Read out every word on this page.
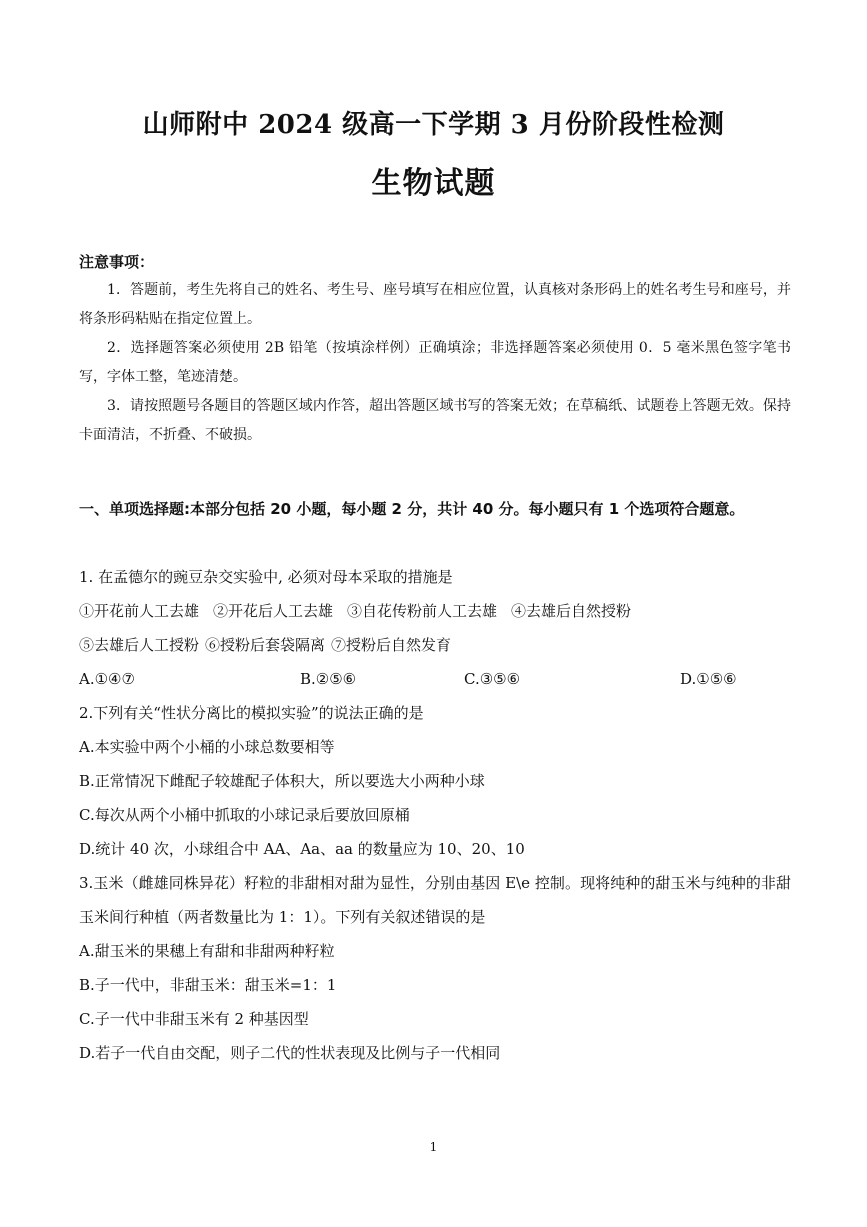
山师附中 2024 级高一下学期 3 月份阶段性检测
生物试题
注意事项：

1．答题前，考生先将自己的姓名、考生号、座号填写在相应位置，认真核对条形码上的姓名考生号和座号，并将条形码粘贴在指定位置上。

2．选择题答案必须使用 2B 铅笔（按填涂样例）正确填涂；非选择题答案必须使用 0．5 毫米黑色签字笔书写，字体工整，笔迹清楚。

3．请按照题号各题目的答题区域内作答，超出答题区域书写的答案无效；在草稿纸、试题卷上答题无效。保持卡面清洁，不折叠、不破损。

一、单项选择题:本部分包括 20 小题，每小题 2 分，共计 40 分。每小题只有 1 个选项符合题意。
1. 在孟德尔的豌豆杂交实验中, 必须对母本采取的措施是
①开花前人工去雄 ②开花后人工去雄 ③自花传粉前人工去雄 ④去雄后自然授粉
⑤去雄后人工授粉 ⑥授粉后套袋隔离 ⑦授粉后自然发育
A.①④⑦	B.②⑤⑥	C.③⑤⑥	D.①⑤⑥
2.下列有关“性状分离比的模拟实验”的说法正确的是
A.本实验中两个小桶的小球总数要相等
B.正常情况下雌配子较雄配子体积大，所以要选大小两种小球
C.每次从两个小桶中抓取的小球记录后要放回原桶
D.统计 40 次，小球组合中 AA、Aa、aa 的数量应为 10、20、10
3.玉米（雌雄同株异花）籽粒的非甜相对甜为显性，分别由基因 E\e 控制。现将纯种的甜玉米与纯种的非甜玉米间行种植（两者数量比为 1：1）。下列有关叙述错误的是
A.甜玉米的果穗上有甜和非甜两种籽粒
B.子一代中，非甜玉米：甜玉米=1：1
C.子一代中非甜玉米有 2 种基因型
D.若子一代自由交配，则子二代的性状表现及比例与子一代相同
1
